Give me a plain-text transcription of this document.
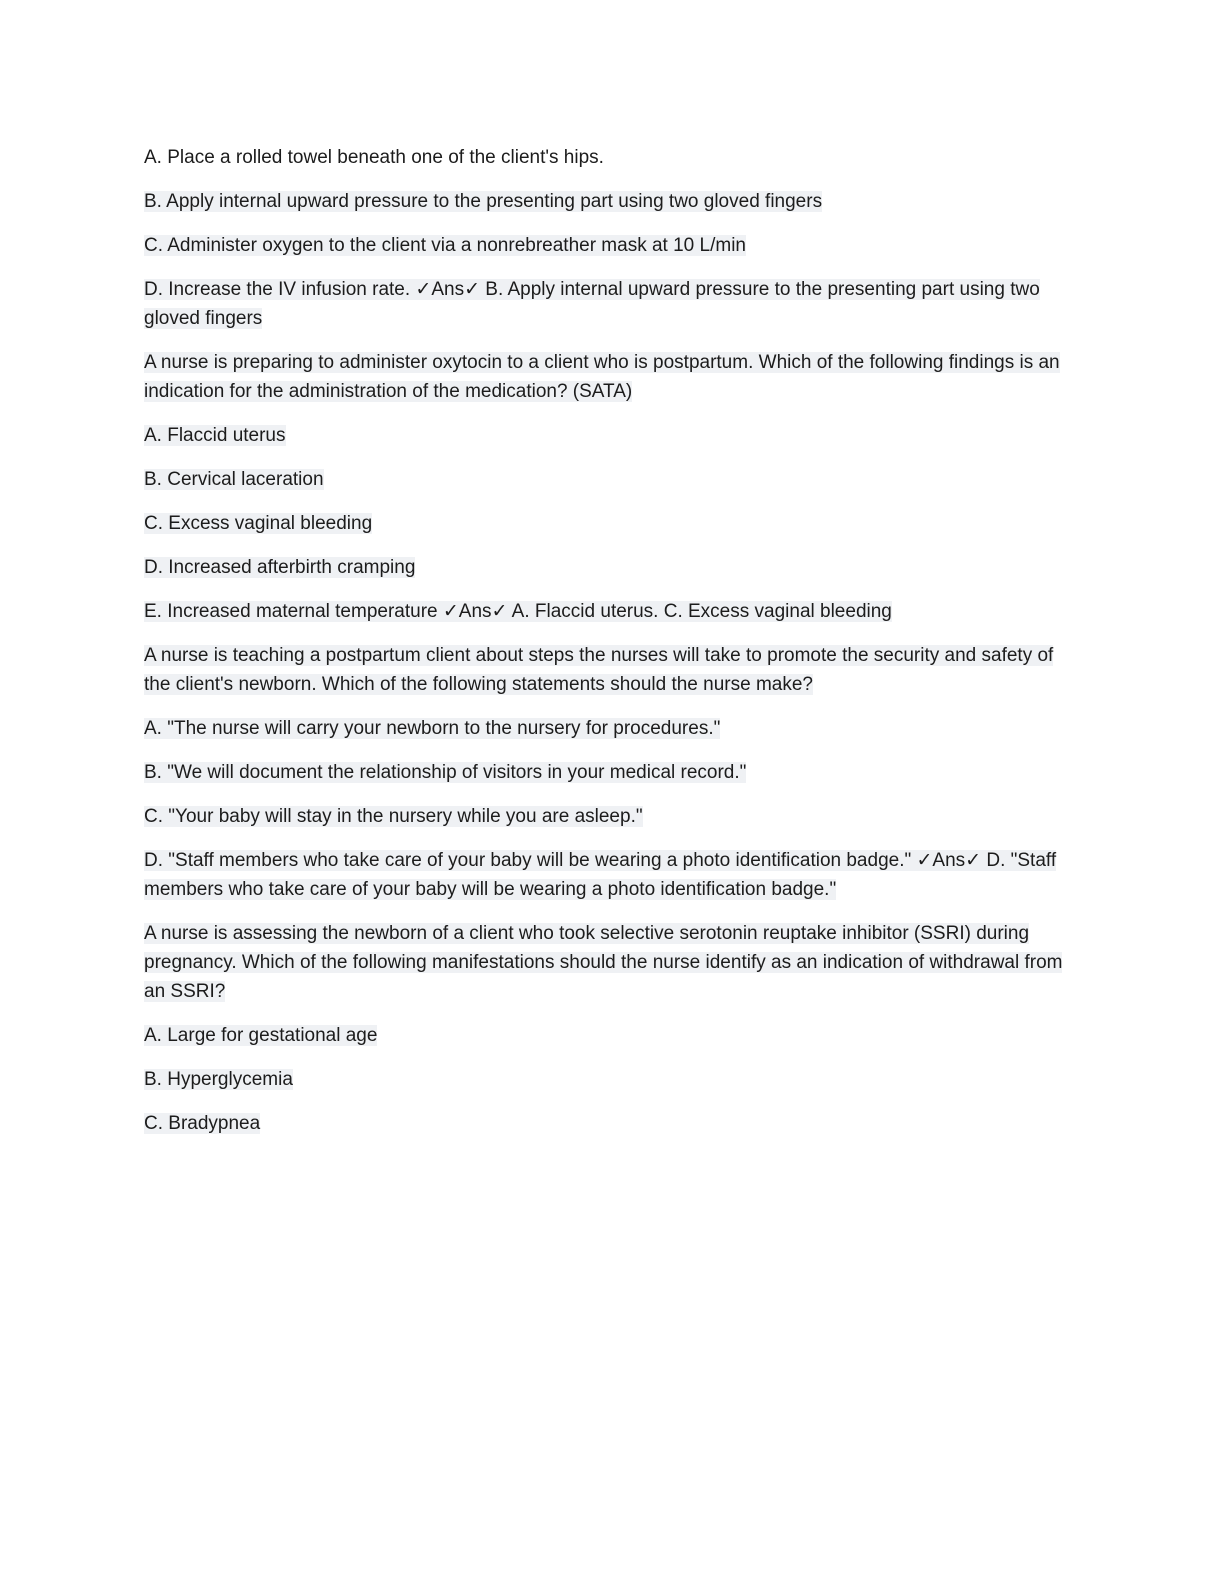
A. Place a rolled towel beneath one of the client's hips.

B. Apply internal upward pressure to the presenting part using two gloved fingers

C. Administer oxygen to the client via a nonrebreather mask at 10 L/min

D. Increase the IV infusion rate. ✓Ans✓ B. Apply internal upward pressure to the presenting part using two gloved fingers

A nurse is preparing to administer oxytocin to a client who is postpartum. Which of the following findings is an indication for the administration of the medication? (SATA)

A. Flaccid uterus

B. Cervical laceration

C. Excess vaginal bleeding

D. Increased afterbirth cramping

E. Increased maternal temperature ✓Ans✓ A. Flaccid uterus. C. Excess vaginal bleeding

A nurse is teaching a postpartum client about steps the nurses will take to promote the security and safety of the client's newborn. Which of the following statements should the nurse make?

A. "The nurse will carry your newborn to the nursery for procedures."

B. "We will document the relationship of visitors in your medical record."

C. "Your baby will stay in the nursery while you are asleep."

D. "Staff members who take care of your baby will be wearing a photo identification badge." ✓Ans✓ D. "Staff members who take care of your baby will be wearing a photo identification badge."

A nurse is assessing the newborn of a client who took selective serotonin reuptake inhibitor (SSRI) during pregnancy. Which of the following manifestations should the nurse identify as an indication of withdrawal from an SSRI?

A. Large for gestational age

B. Hyperglycemia

C. Bradypnea
